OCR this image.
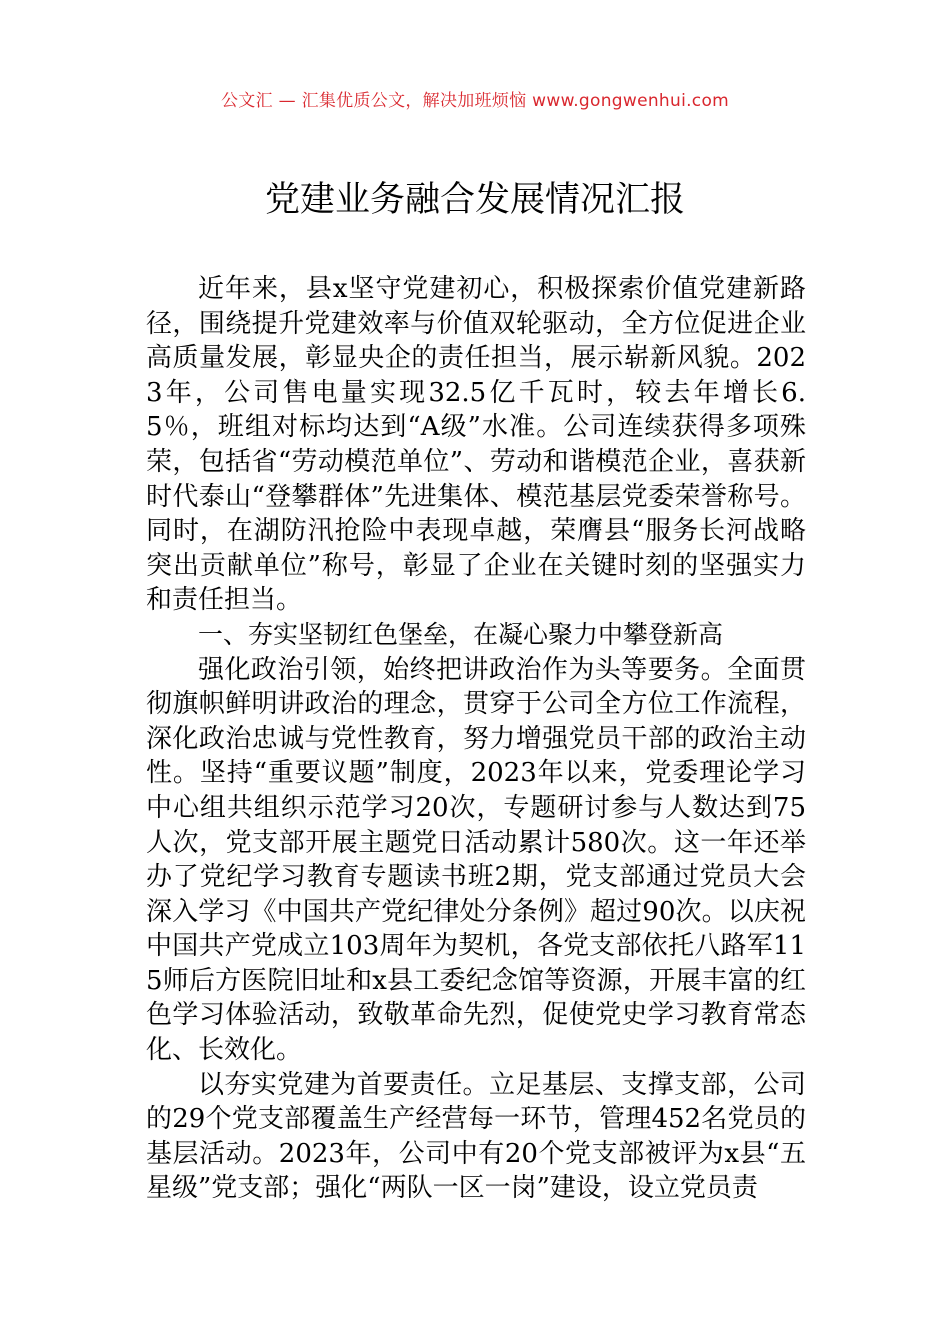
公文汇 — 汇集优质公文，解决加班烦恼 www.gongwenhui.com
党建业务融合发展情况汇报

近年来，县x坚守党建初心，积极探索价值党建新路径，围绕提升党建效率与价值双轮驱动，全方位促进企业高质量发展，彰显央企的责任担当，展示崭新风貌。2023年，公司售电量实现32.5亿千瓦时，较去年增长6.5％，班组对标均达到“A级”水准。公司连续获得多项殊荣，包括省“劳动模范单位”、劳动和谐模范企业，喜获新时代泰山“登攀群体”先进集体、模范基层党委荣誉称号。同时，在湖防汛抢险中表现卓越，荣膺县“服务长河战略突出贡献单位”称号，彰显了企业在关键时刻的坚强实力和责任担当。

一、夯实坚韧红色堡垒，在凝心聚力中攀登新高

强化政治引领，始终把讲政治作为头等要务。全面贯彻旗帜鲜明讲政治的理念，贯穿于公司全方位工作流程，深化政治忠诚与党性教育，努力增强党员干部的政治主动性。坚持“重要议题”制度，2023年以来，党委理论学习中心组共组织示范学习20次，专题研讨参与人数达到75人次，党支部开展主题党日活动累计580次。这一年还举办了党纪学习教育专题读书班2期，党支部通过党员大会深入学习《中国共产党纪律处分条例》超过90次。以庆祝中国共产党成立103周年为契机，各党支部依托八路军115师后方医院旧址和x县工委纪念馆等资源，开展丰富的红色学习体验活动，致敬革命先烈，促使党史学习教育常态化、长效化。

以夯实党建为首要责任。立足基层、支撑支部，公司的29个党支部覆盖生产经营每一环节，管理452名党员的基层活动。2023年，公司中有20个党支部被评为x县“五星级”党支部；强化“两队一区一岗”建设，设立党员责
